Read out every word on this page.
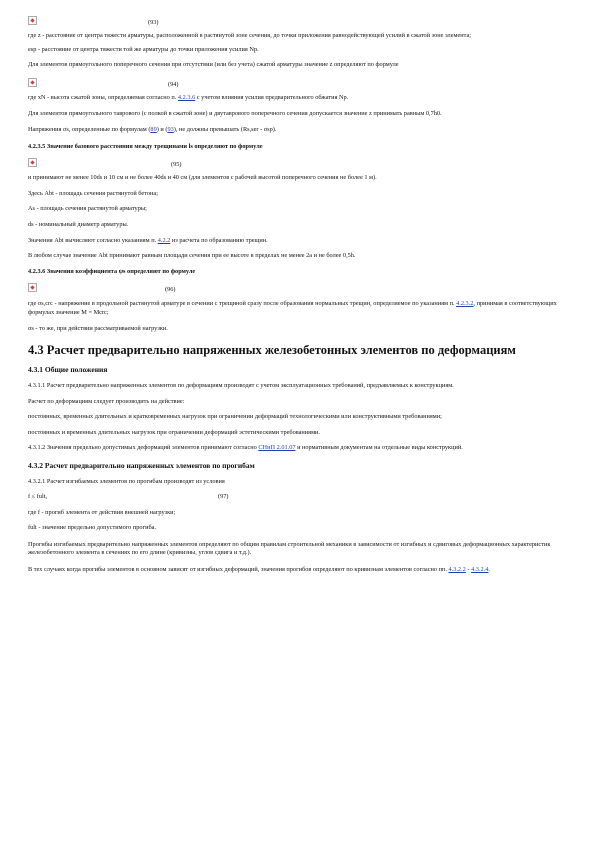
(93)

где z - расстояние от центра тяжести арматуры, расположенной в растянутой зоне сечения, до точки приложения равнодействующей усилий в сжатой зоне элемента;

esp - расстояние от центра тяжести той же арматуры до точки приложения усилия Np.

Для элементов прямоугольного поперечного сечения при отсутствии (или без учета) сжатой арматуры значение z определяют по формуле

(94)

где xN - высота сжатой зоны, определяемая согласно п. 4.2.3.6 с учетом влияния усилия предварительного обжатия Np.

Для элементов прямоугольного таврового (с полкой в сжатой зоне) и двутаврового поперечного сечения допускается значение z принимать равным 0,7h0.

Напряжения σs, определенные по формулам (89) и (93), не должны превышать (Rs,ser - σsp).

4.2.3.5 Значение базового расстояния между трещинами ls определяют по формуле

(95)

и принимают не менее 10ds и 10 см и не более 40ds и 40 см (для элементов с рабочей высотой поперечного сечения не более 1 м).

Здесь Abt - площадь сечения растянутой бетона;

As - площадь сечения растянутой арматуры;

ds - номинальный диаметр арматуры.

Значения Abt вычисляют согласно указаниям п. 4.2.2 из расчета по образованию трещин.

В любом случае значение Abt принимают равным площади сечения при ее высоте в пределах не менее 2a и не более 0,5h.

4.2.3.6 Значения коэффициента ψs определяют по формуле

(96)

где σs,crc - напряжение в продольной растянутой арматуре в сечении с трещиной сразу после образования нормальных трещин, определяемое по указаниям п. 4.2.3.2, принимая в соответствующих формулах значение M = Mcrc;

σs - то же, при действии рассматриваемой нагрузки.

4.3 Расчет предварительно напряженных железобетонных элементов по деформациям
4.3.1 Общие положения

4.3.1.1 Расчет предварительно напряженных элементов по деформациям производят с учетом эксплуатационных требований, предъявляемых к конструкциям.

Расчет по деформациям следует производить на действие:

постоянных, временных длительных и кратковременных нагрузок при ограничении деформаций технологическими или конструктивными требованиями;

постоянных и временных длительных нагрузок при ограничении деформаций эстетическими требованиями.

4.3.1.2 Значения предельно допустимых деформаций элементов принимают согласно СНиП 2.01.07 и нормативным документам на отдельные виды конструкций.

4.3.2 Расчет предварительно напряженных элементов по прогибам

4.3.2.1 Расчет изгибаемых элементов по прогибам производят из условия

f ≤ fult,	(97)

где f - прогиб элемента от действия внешней нагрузки;

fult - значение предельно допустимого прогиба.

Прогибы изгибаемых предварительно напряженных элементов определяют по общим правилам строительной механики в зависимости от изгибных и сдвиговых деформационных характеристик железобетонного элемента в сечениях по его длине (кривизны, углов сдвига и т.д.).

В тех случаях когда прогибы элементов в основном зависят от изгибных деформаций, значения прогибов определяют по кривизнам элементов согласно пп. 4.3.2.2 - 4.3.2.4.
